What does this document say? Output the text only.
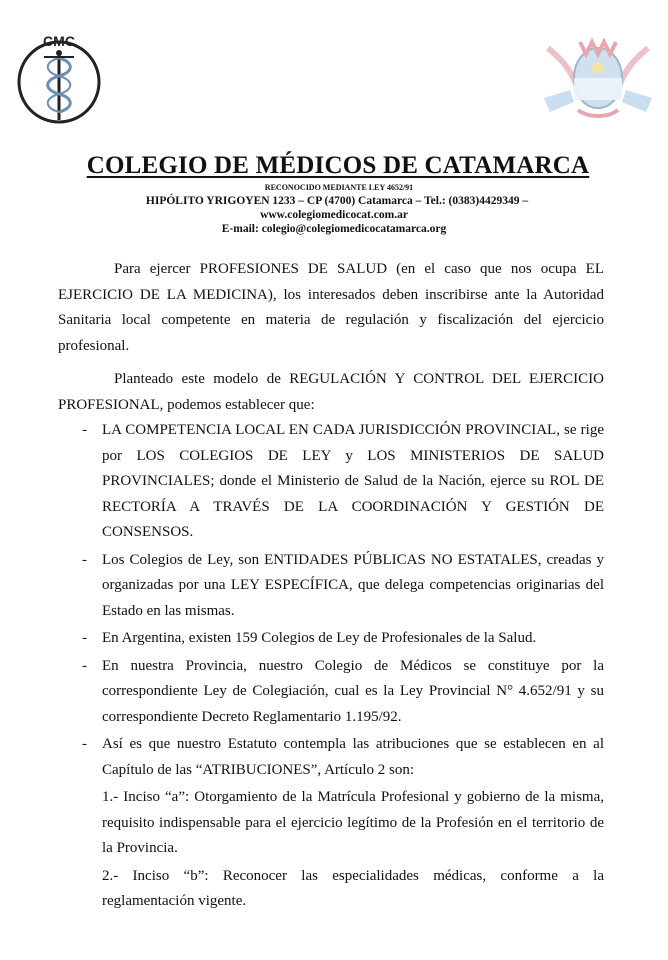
CMC
COLEGIO DE MÉDICOS DE CATAMARCA
RECONOCIDO MEDIANTE LEY 4652/91
HIPÓLITO YRIGOYEN 1233 – CP (4700) Catamarca – Tel.: (0383)4429349 –
www.colegiomedicocat.com.ar
E-mail: colegio@colegiomedicocatamarca.org

Para ejercer PROFESIONES DE SALUD (en el caso que nos ocupa EL EJERCICIO DE LA MEDICINA), los interesados deben inscribirse ante la Autoridad Sanitaria local competente en materia de regulación y fiscalización del ejercicio profesional.

Planteado este modelo de REGULACIÓN Y CONTROL DEL EJERCICIO PROFESIONAL, podemos establecer que:

- LA COMPETENCIA LOCAL EN CADA JURISDICCIÓN PROVINCIAL, se rige por LOS COLEGIOS DE LEY y LOS MINISTERIOS DE SALUD PROVINCIALES; donde el Ministerio de Salud de la Nación, ejerce su ROL DE RECTORÍA A TRAVÉS DE LA COORDINACIÓN Y GESTIÓN DE CONSENSOS.
- Los Colegios de Ley, son ENTIDADES PÚBLICAS NO ESTATALES, creadas y organizadas por una LEY ESPECÍFICA, que delega competencias originarias del Estado en las mismas.
- En Argentina, existen 159 Colegios de Ley de Profesionales de la Salud.
- En nuestra Provincia, nuestro Colegio de Médicos se constituye por la correspondiente Ley de Colegiación, cual es la Ley Provincial N° 4.652/91 y su correspondiente Decreto Reglamentario 1.195/92.
- Así es que nuestro Estatuto contempla las atribuciones que se establecen en al Capítulo de las “ATRIBUCIONES”, Artículo 2 son:
1.- Inciso “a”: Otorgamiento de la Matrícula Profesional y gobierno de la misma, requisito indispensable para el ejercicio legítimo de la Profesión en el territorio de la Provincia.
2.- Inciso “b”: Reconocer las especialidades médicas, conforme a la reglamentación vigente.
